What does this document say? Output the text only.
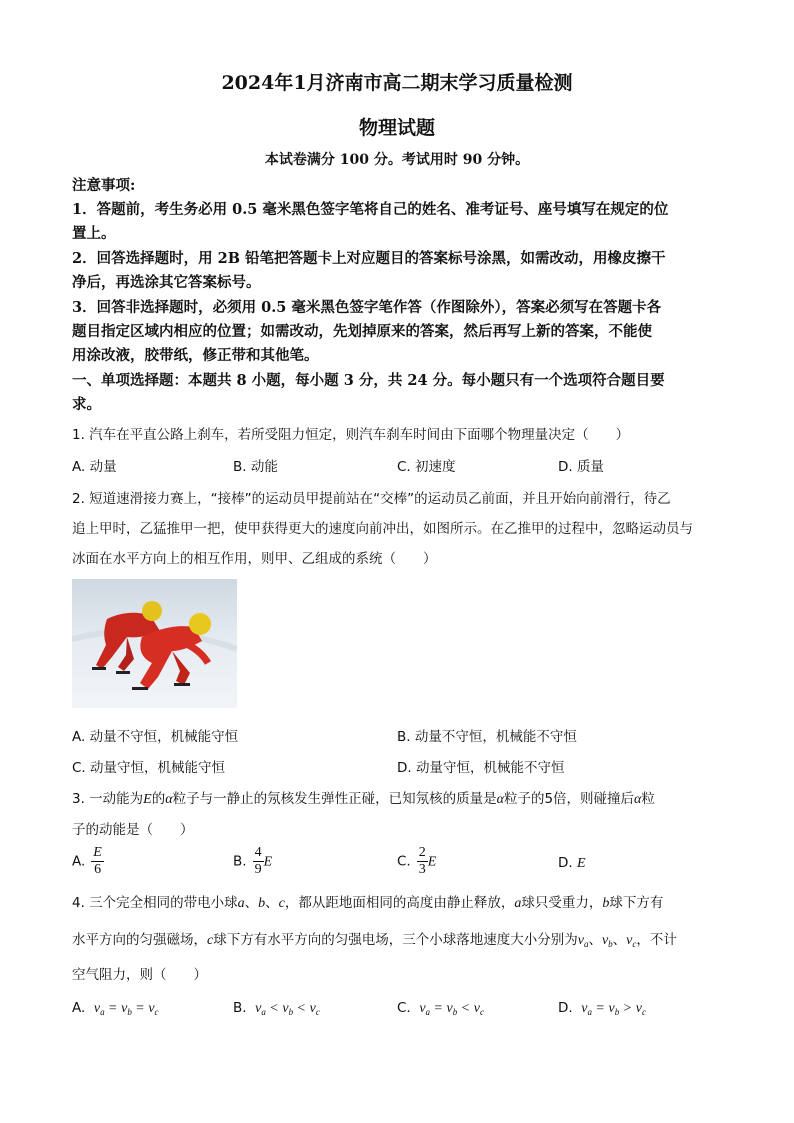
2024年1月济南市高二期末学习质量检测
物理试题
本试卷满分 100 分。考试用时 90 分钟。
注意事项:
1．答题前，考生务必用 0.5 毫米黑色签字笔将自己的姓名、准考证号、座号填写在规定的位
置上。
2．回答选择题时，用 2B 铅笔把答题卡上对应题目的答案标号涂黑，如需改动，用橡皮擦干
净后，再选涂其它答案标号。
3．回答非选择题时，必须用 0.5 毫米黑色签字笔作答（作图除外），答案必须写在答题卡各
题目指定区域内相应的位置；如需改动，先划掉原来的答案，然后再写上新的答案，不能使
用涂改液，胶带纸，修正带和其他笔。
一、单项选择题：本题共 8 小题，每小题 3 分，共 24 分。每小题只有一个选项符合题目要
求。
1. 汽车在平直公路上刹车，若所受阻力恒定，则汽车刹车时间由下面哪个物理量决定（　　）
A. 动量	B. 动能	C. 初速度	D. 质量
2. 短道速滑接力赛上，“接棒”的运动员甲提前站在“交棒”的运动员乙前面，并且开始向前滑行，待乙
追上甲时，乙猛推甲一把，使甲获得更大的速度向前冲出，如图所示。在乙推甲的过程中，忽略运动员与
冰面在水平方向上的相互作用，则甲、乙组成的系统（　　）
A. 动量不守恒，机械能守恒	B. 动量不守恒，机械能不守恒
C. 动量守恒，机械能守恒	D. 动量守恒，机械能不守恒
3. 一动能为E的α粒子与一静止的氖核发生弹性正碰，已知氖核的质量是α粒子的5倍，则碰撞后α粒
子的动能是（　　）
A. $\frac{E}{6}$	B. $\frac{4}{9}$ E	C. $\frac{2}{3}$ E	D. E
4. 三个完全相同的带电小球a、b、c，都从距地面相同的高度由静止释放，a球只受重力，b球下方有
水平方向的匀强磁场，c球下方有水平方向的匀强电场，三个小球落地速度大小分别为$v_a$、$v_b$、$v_c$，不计
空气阻力，则（　　）
A. $v_a = v_b = v_c$	B. $v_a < v_b < v_c$	C. $v_a = v_b < v_c$	D. $v_a = v_b > v_c$
